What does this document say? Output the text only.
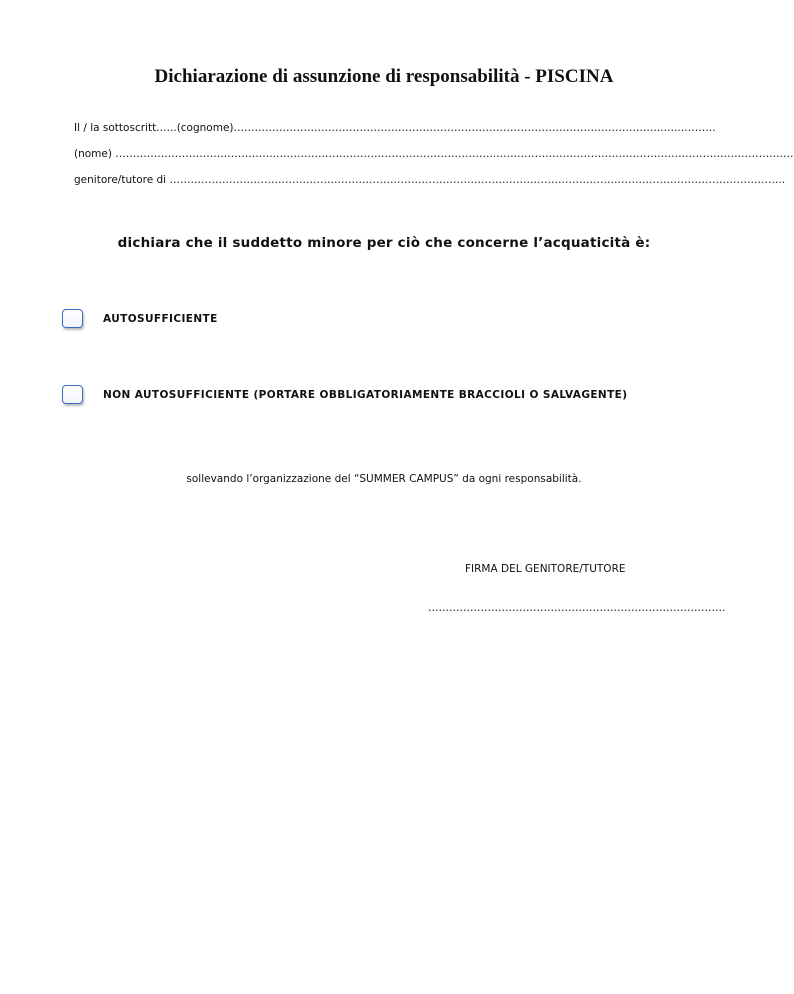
Dichiarazione di assunzione di responsabilità - PISCINA
Il / la sottoscritt…...(cognome)………………………………………………………………………………………………….………..…..……….
(nome) ………………………………………..……………………………………………………..……………………………………………………………………….…
genitore/tutore di …………………………………………………………………………………………………………………………………………………………..
dichiara che il suddetto minore per ciò che concerne l’acquaticità è:
AUTOSUFFICIENTE
NON AUTOSUFFICIENTE (PORTARE OBBLIGATORIAMENTE BRACCIOLI O SALVAGENTE)
sollevando l’organizzazione del “SUMMER CAMPUS” da ogni responsabilità.
FIRMA DEL GENITORE/TUTORE
………………………………………………………………………….
